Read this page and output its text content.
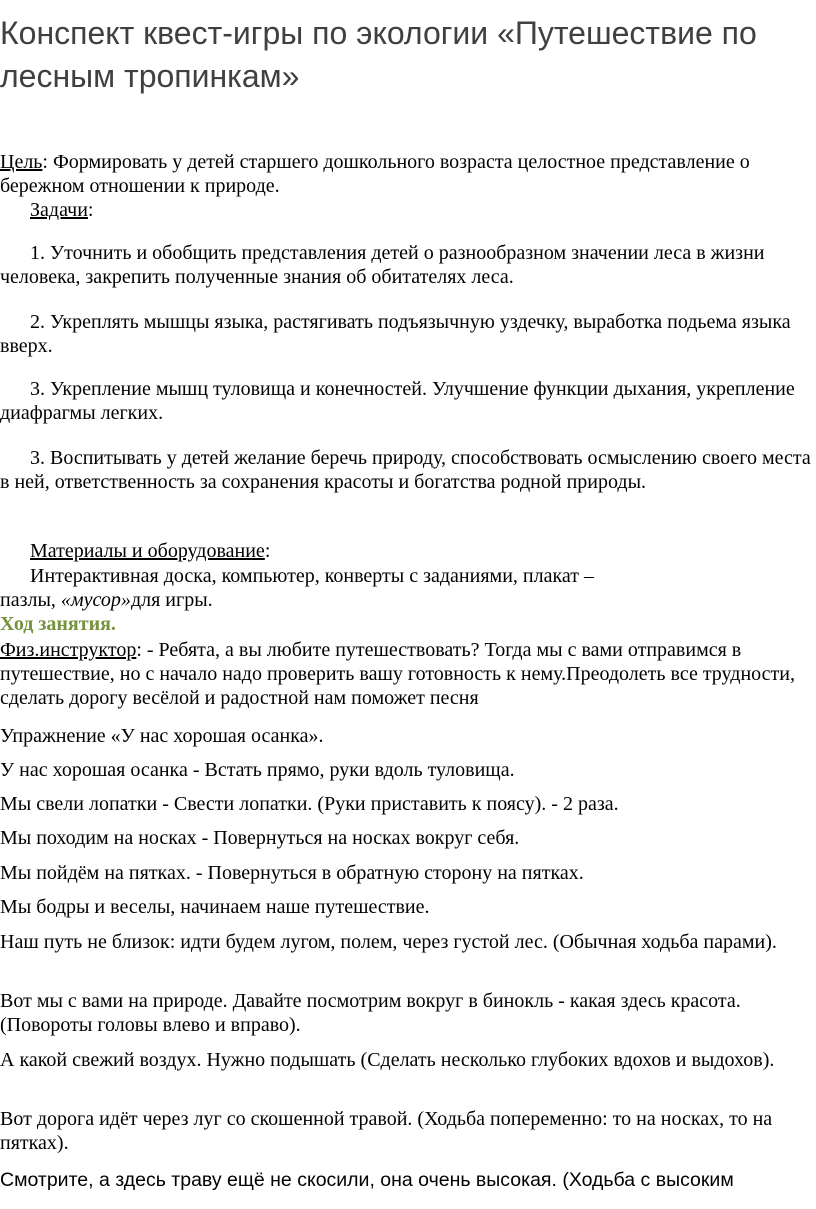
Конспект квест-игры по экологии «Путешествие по лесным тропинкам»

Цель: Формировать у детей старшего дошкольного возраста целостное представление о бережном отношении к природе.

Задачи:

1. Уточнить и обобщить представления детей о разнообразном значении леса в жизни человека, закрепить полученные знания об обитателях леса.

2. Укреплять мышцы языка, растягивать подъязычную уздечку, выработка подьема языка вверх.

3. Укрепление мышц туловища и конечностей. Улучшение функции дыхания, укрепление диафрагмы легких.

3. Воспитывать у детей желание беречь природу, способствовать осмыслению своего места в ней, ответственность за сохранения красоты и богатства родной природы.

Материалы и оборудование:

Интерактивная доска, компьютер, конверты с заданиями, плакат –

пазлы, «мусор»для игры.

Ход занятия.

Физ.инструктор: - Ребята, а вы любите путешествовать? Тогда мы с вами отправимся в путешествие, но с начало надо проверить вашу готовность к нему.Преодолеть все трудности, сделать дорогу весёлой и радостной нам поможет песня

Упражнение «У нас хорошая осанка».

У нас хорошая осанка - Встать прямо, руки вдоль туловища.

Мы свели лопатки - Свести лопатки. (Руки приставить к поясу). - 2 раза.

Мы походим на носках - Повернуться на носках вокруг себя.

Мы пойдём на пятках. - Повернуться в обратную сторону на пятках.

Мы бодры и веселы, начинаем наше путешествие.

Наш путь не близок: идти будем лугом, полем, через густой лес. (Обычная ходьба парами).

Вот мы с вами на природе. Давайте посмотрим вокруг в бинокль - какая здесь красота. (Повороты головы влево и вправо).

А какой свежий воздух. Нужно подышать (Сделать несколько глубоких вдохов и выдохов).

Вот дорога идёт через луг со скошенной травой. (Ходьба попеременно: то на носках, то на пятках).

Смотрите, а здесь траву ещё не скосили, она очень высокая. (Ходьба с высоким
